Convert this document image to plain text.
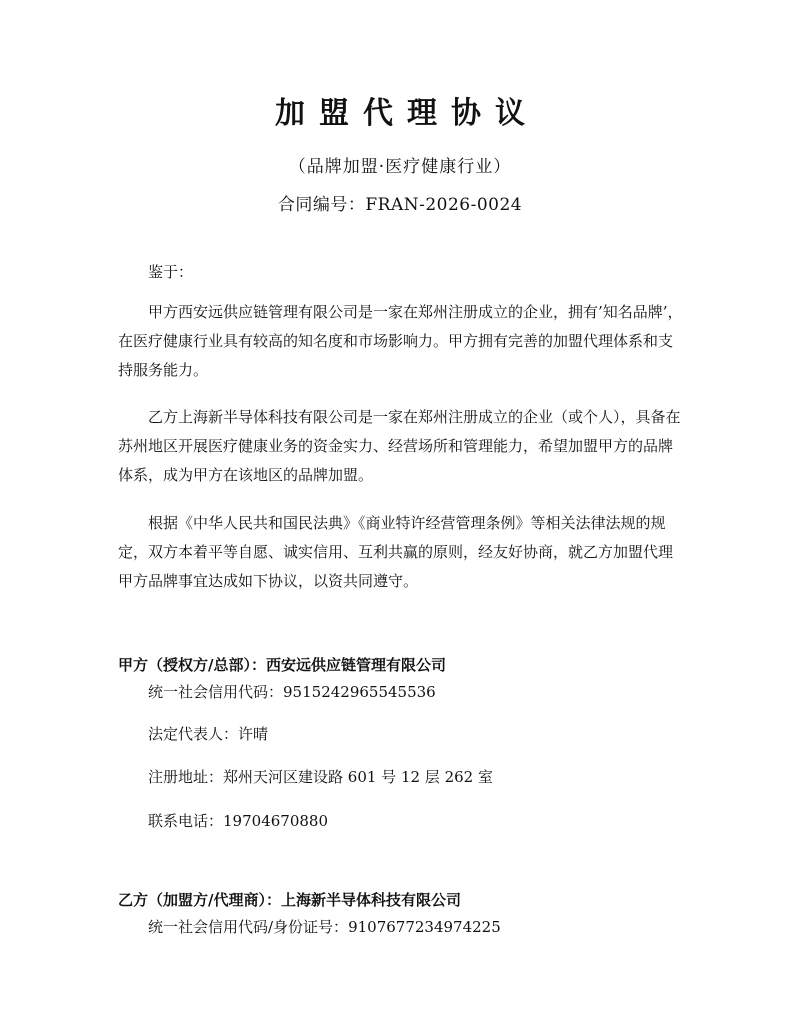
加盟代理协议
（品牌加盟·医疗健康行业）
合同编号：FRAN-2026-0024

鉴于：

甲方西安远供应链管理有限公司是一家在郑州注册成立的企业，拥有’知名品牌’，在医疗健康行业具有较高的知名度和市场影响力。甲方拥有完善的加盟代理体系和支持服务能力。

乙方上海新半导体科技有限公司是一家在郑州注册成立的企业（或个人），具备在苏州地区开展医疗健康业务的资金实力、经营场所和管理能力，希望加盟甲方的品牌体系，成为甲方在该地区的品牌加盟。

根据《中华人民共和国民法典》《商业特许经营管理条例》等相关法律法规的规定，双方本着平等自愿、诚实信用、互利共赢的原则，经友好协商，就乙方加盟代理甲方品牌事宜达成如下协议，以资共同遵守。

甲方（授权方/总部）：西安远供应链管理有限公司

统一社会信用代码：9515242965545536

法定代表人：许晴

注册地址：郑州天河区建设路 601 号 12 层 262 室

联系电话：19704670880

乙方（加盟方/代理商）：上海新半导体科技有限公司

统一社会信用代码/身份证号：9107677234974225
